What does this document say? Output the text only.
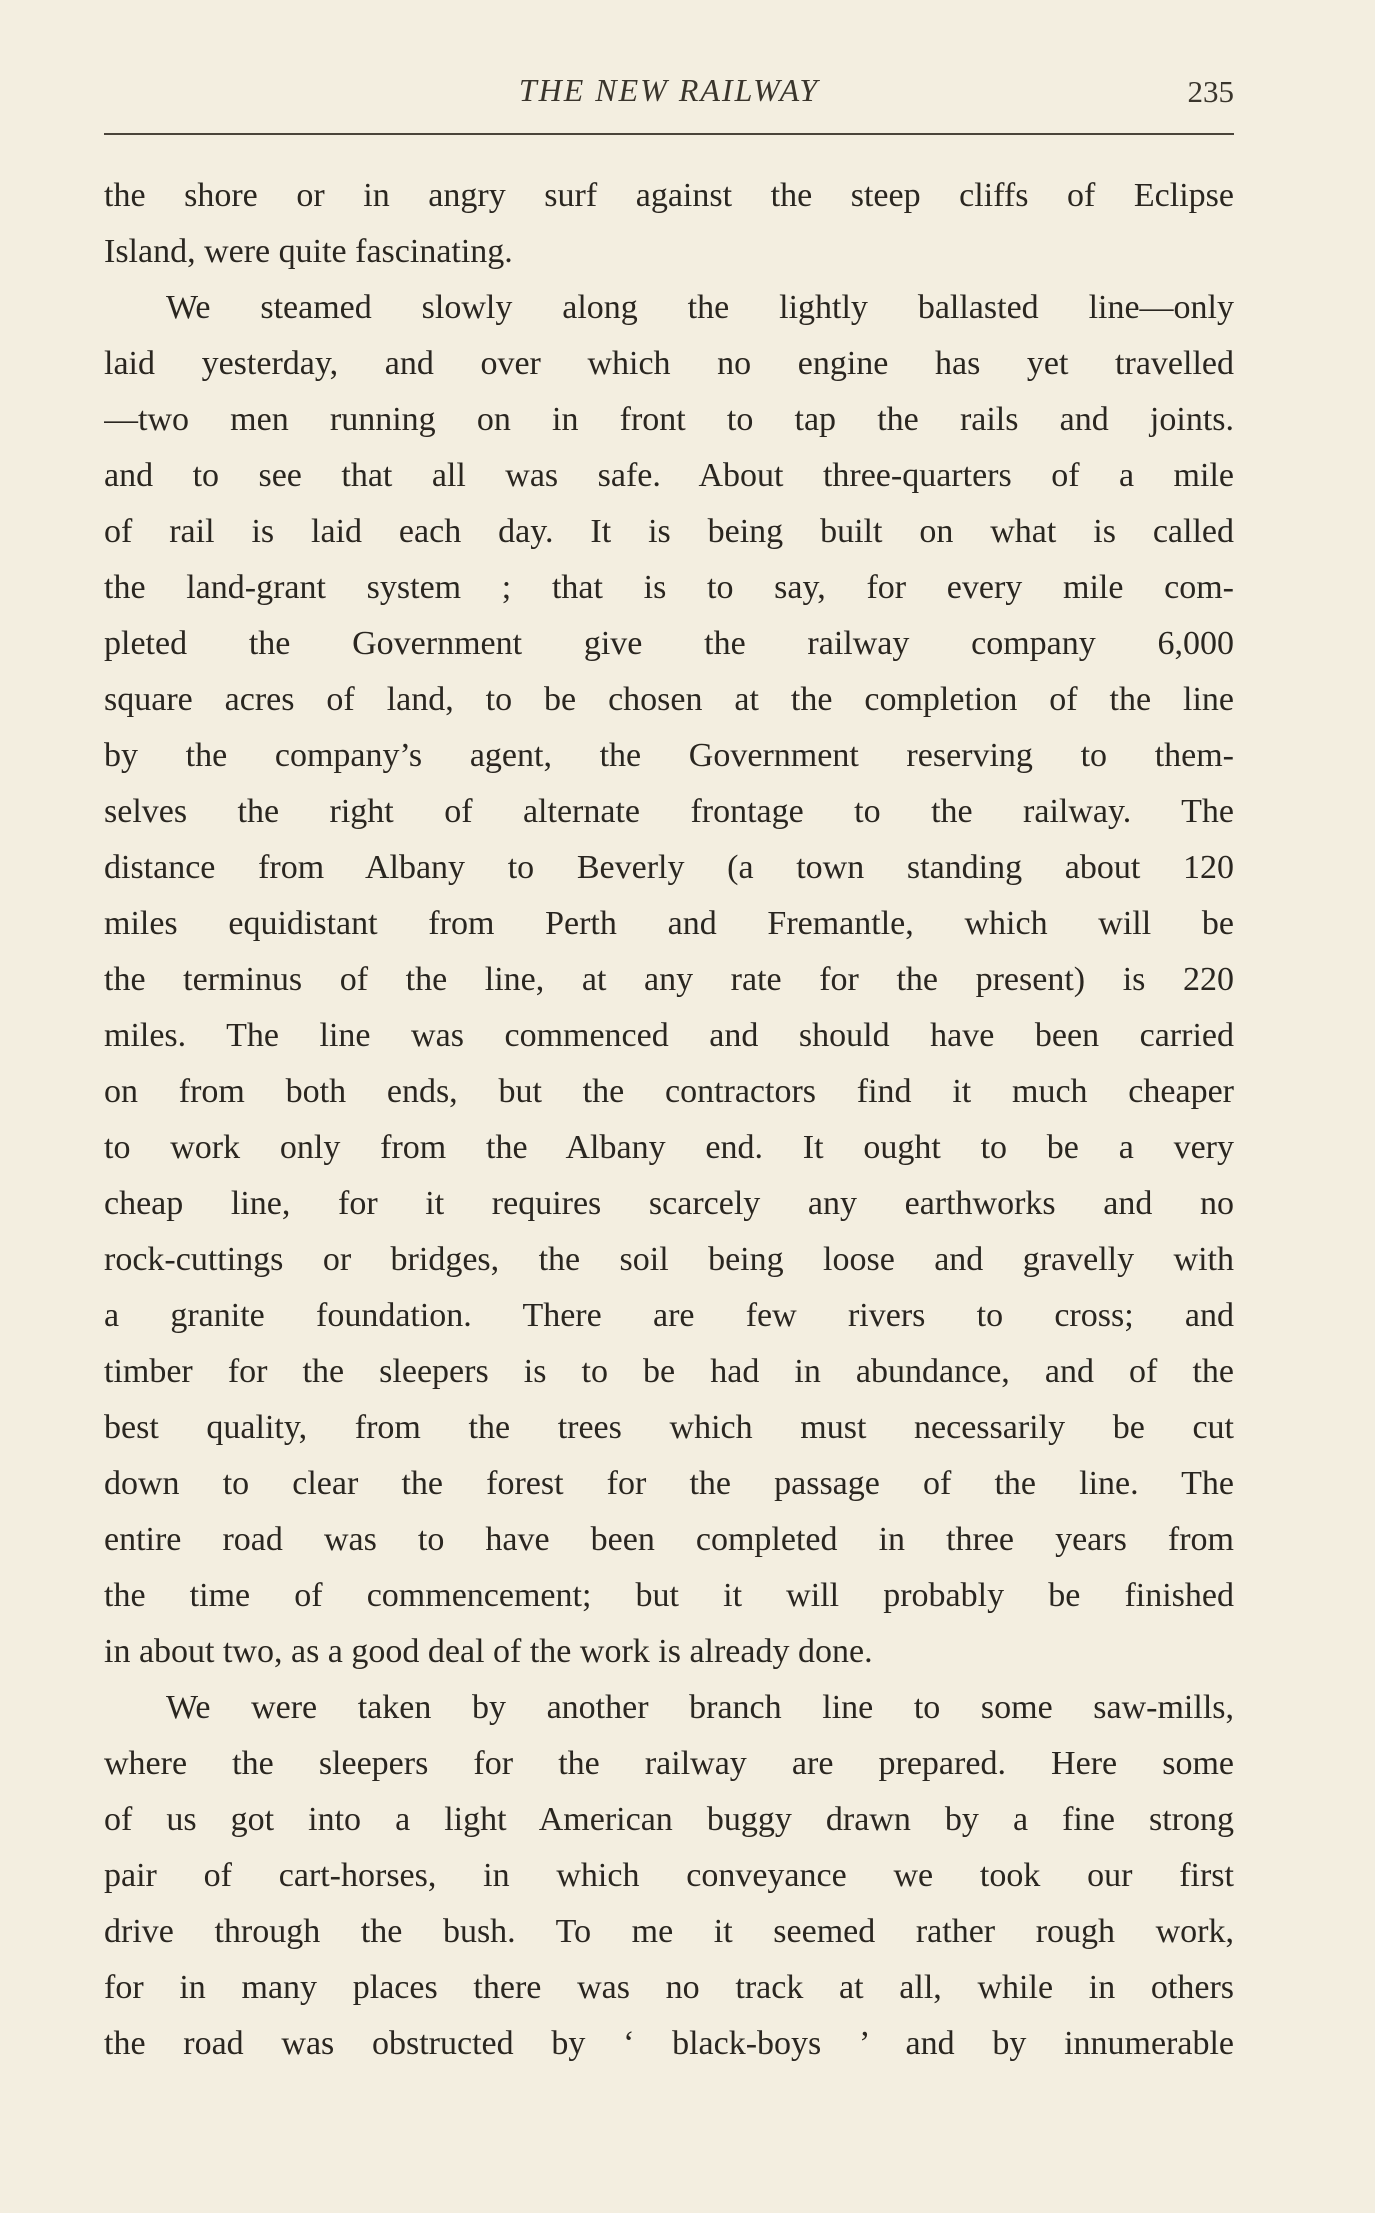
THE NEW RAILWAY	235
the shore or in angry surf against the steep cliffs of Eclipse
Island, were quite fascinating.
We steamed slowly along the lightly ballasted line—only
laid yesterday, and over which no engine has yet travelled
—two men running on in front to tap the rails and joints.
and to see that all was safe. About three-quarters of a mile
of rail is laid each day. It is being built on what is called
the land-grant system ; that is to say, for every mile com-
pleted the Government give the railway company 6,000
square acres of land, to be chosen at the completion of the line
by the company’s agent, the Government reserving to them-
selves the right of alternate frontage to the railway. The
distance from Albany to Beverly (a town standing about 120
miles equidistant from Perth and Fremantle, which will be
the terminus of the line, at any rate for the present) is 220
miles. The line was commenced and should have been carried
on from both ends, but the contractors find it much cheaper
to work only from the Albany end. It ought to be a very
cheap line, for it requires scarcely any earthworks and no
rock-cuttings or bridges, the soil being loose and gravelly with
a granite foundation. There are few rivers to cross; and
timber for the sleepers is to be had in abundance, and of the
best quality, from the trees which must necessarily be cut
down to clear the forest for the passage of the line. The
entire road was to have been completed in three years from
the time of commencement; but it will probably be finished
in about two, as a good deal of the work is already done.
We were taken by another branch line to some saw-mills,
where the sleepers for the railway are prepared. Here some
of us got into a light American buggy drawn by a fine strong
pair of cart-horses, in which conveyance we took our first
drive through the bush. To me it seemed rather rough work,
for in many places there was no track at all, while in others
the road was obstructed by ‘ black-boys ’ and by innumerable
